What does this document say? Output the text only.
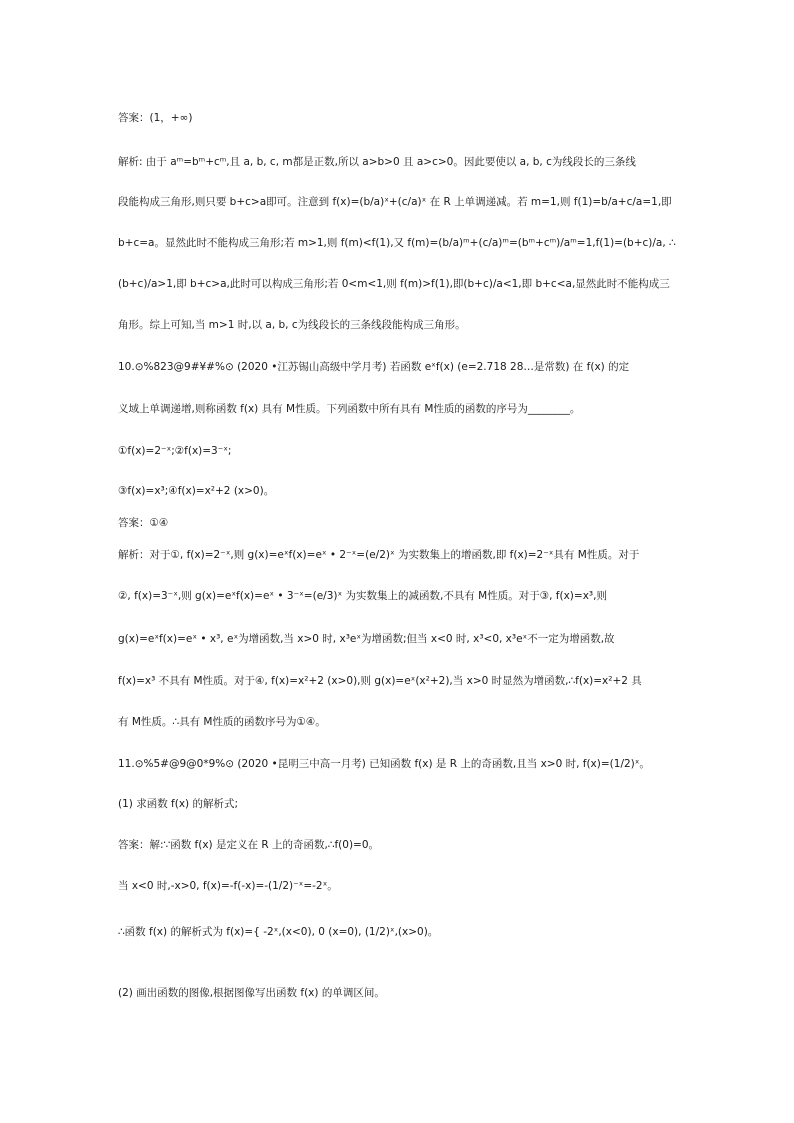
答案：(1，+∞)
解析: 由于 aᵐ=bᵐ+cᵐ,且 a, b, c, m都是正数,所以 a>b>0 且 a>c>0。因此要使以 a, b, c为线段长的三条线
段能构成三角形,则只要 b+c>a即可。注意到 f(x)=(b/a)ˣ+(c/a)ˣ 在 R 上单调递减。若 m=1,则 f(1)=b/a+c/a=1,即
b+c=a。显然此时不能构成三角形;若 m>1,则 f(m)<f(1),又 f(m)=(b/a)ᵐ+(c/a)ᵐ=(bᵐ+cᵐ)/aᵐ=1,f(1)=(b+c)/a, ∴
(b+c)/a>1,即 b+c>a,此时可以构成三角形;若 0<m<1,则 f(m)>f(1),即(b+c)/a<1,即 b+c<a,显然此时不能构成三
角形。综上可知,当 m>1 时,以 a, b, c为线段长的三条线段能构成三角形。
10.⊙%823@9#¥#%⊙ (2020 •江苏锡山高级中学月考) 若函数 eˣf(x) (e=2.718 28…是常数) 在 f(x) 的定
义域上单调递增,则称函数 f(x) 具有 M性质。下列函数中所有具有 M性质的函数的序号为________。
①f(x)=2⁻ˣ;②f(x)=3⁻ˣ;
③f(x)=x³;④f(x)=x²+2 (x>0)。
答案：①④
解析：对于①, f(x)=2⁻ˣ,则 g(x)=eˣf(x)=eˣ • 2⁻ˣ=(e/2)ˣ 为实数集上的增函数,即 f(x)=2⁻ˣ具有 M性质。对于
②, f(x)=3⁻ˣ,则 g(x)=eˣf(x)=eˣ • 3⁻ˣ=(e/3)ˣ 为实数集上的减函数,不具有 M性质。对于③, f(x)=x³,则
g(x)=eˣf(x)=eˣ • x³, eˣ为增函数,当 x>0 时, x³eˣ为增函数;但当 x<0 时, x³<0, x³eˣ不一定为增函数,故
f(x)=x³ 不具有 M性质。对于④, f(x)=x²+2 (x>0),则 g(x)=eˣ(x²+2),当 x>0 时显然为增函数,∴f(x)=x²+2 具
有 M性质。∴具有 M性质的函数序号为①④。
11.⊙%5#@9@0*9%⊙ (2020 •昆明三中高一月考) 已知函数 f(x) 是 R 上的奇函数,且当 x>0 时, f(x)=(1/2)ˣ。
(1) 求函数 f(x) 的解析式;
答案：解:∵函数 f(x) 是定义在 R 上的奇函数,∴f(0)=0。
当 x<0 时,-x>0, f(x)=-f(-x)=-(1/2)⁻ˣ=-2ˣ。
∴函数 f(x) 的解析式为 f(x)={ -2ˣ,(x<0), 0 (x=0), (1/2)ˣ,(x>0)。
(2) 画出函数的图像,根据图像写出函数 f(x) 的单调区间。
